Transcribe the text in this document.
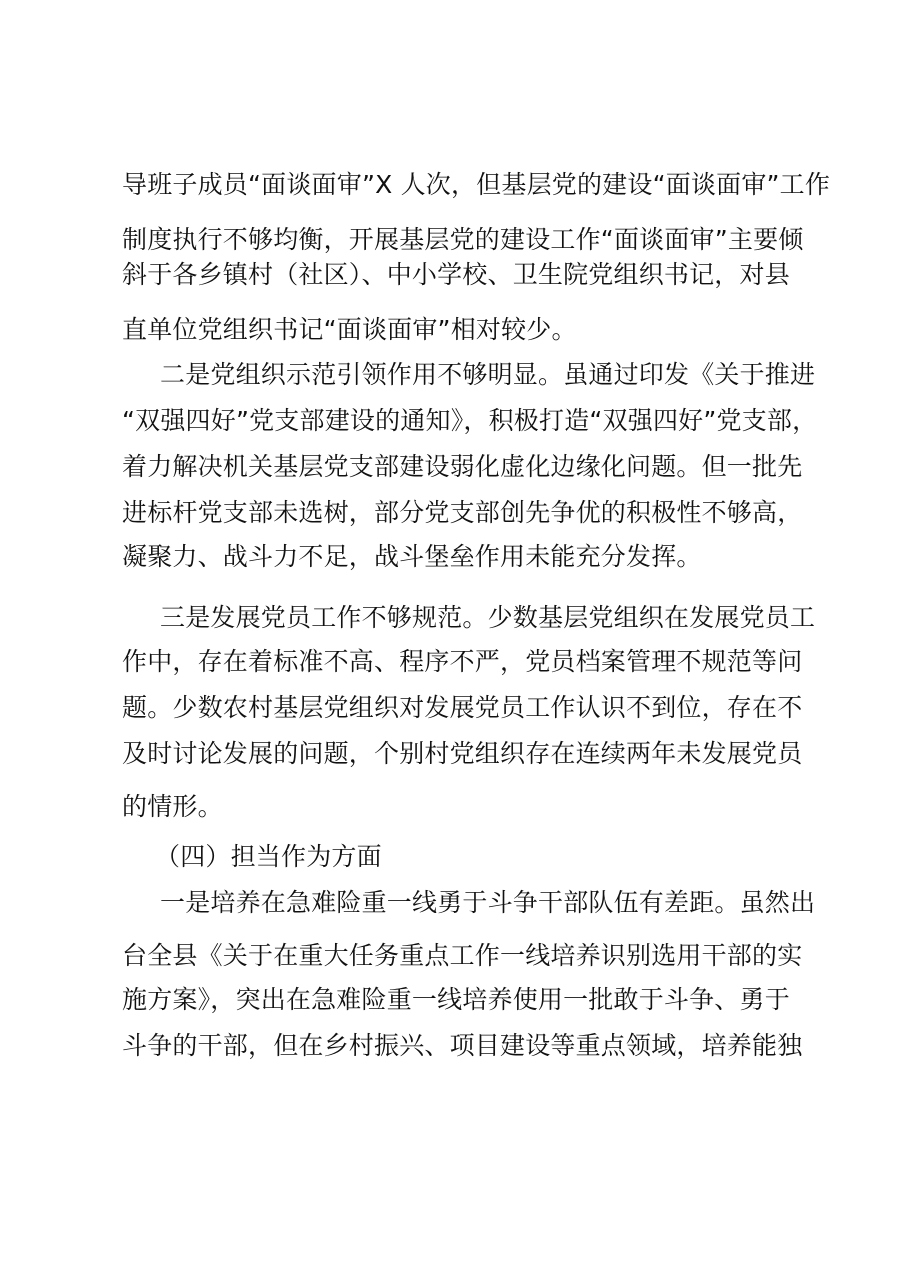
导班子成员“面谈面审”X 人次，但基层党的建设“面谈面审”工作
制度执行不够均衡，开展基层党的建设工作“面谈面审”主要倾
斜于各乡镇村（社区）、中小学校、卫生院党组织书记，对县
直单位党组织书记“面谈面审”相对较少。
二是党组织示范引领作用不够明显。虽通过印发《关于推进
“双强四好”党支部建设的通知》，积极打造“双强四好”党支部，
着力解决机关基层党支部建设弱化虚化边缘化问题。但一批先
进标杆党支部未选树，部分党支部创先争优的积极性不够高，
凝聚力、战斗力不足，战斗堡垒作用未能充分发挥。
三是发展党员工作不够规范。少数基层党组织在发展党员工
作中，存在着标准不高、程序不严，党员档案管理不规范等问
题。少数农村基层党组织对发展党员工作认识不到位，存在不
及时讨论发展的问题，个别村党组织存在连续两年未发展党员
的情形。
（四）担当作为方面
一是培养在急难险重一线勇于斗争干部队伍有差距。虽然出
台全县《关于在重大任务重点工作一线培养识别选用干部的实
施方案》，突出在急难险重一线培养使用一批敢于斗争、勇于
斗争的干部，但在乡村振兴、项目建设等重点领域，培养能独
